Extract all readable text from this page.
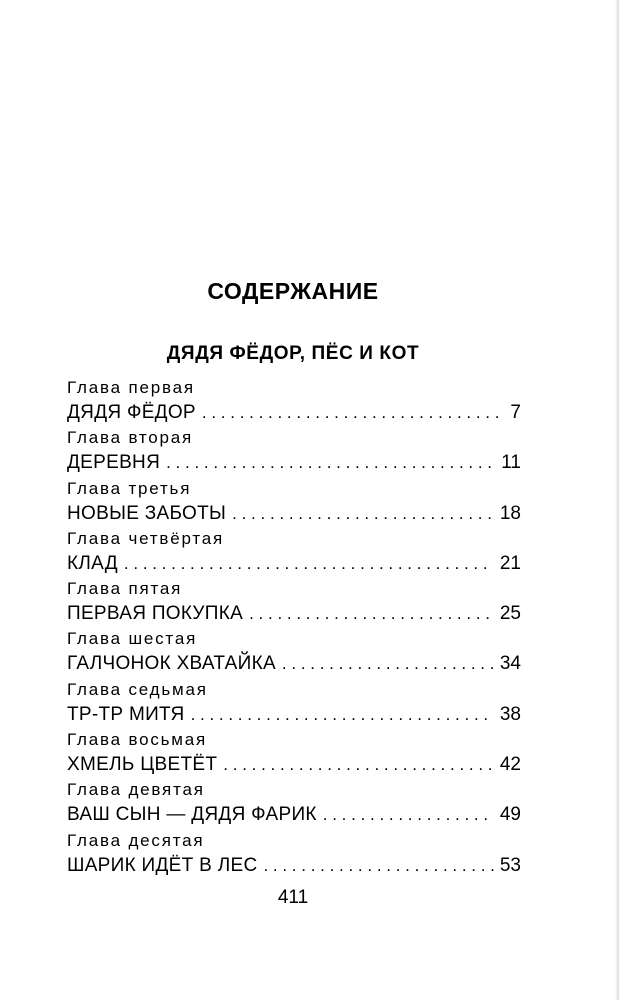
СОДЕРЖАНИЕ
ДЯДЯ ФЁДОР, ПЁС И КОТ
Глава первая
ДЯДЯ ФЁДОР . . .	7
Глава вторая
ДЕРЕВНЯ . . .	11
Глава третья
НОВЫЕ ЗАБОТЫ . . .	18
Глава четвёртая
КЛАД . . .	21
Глава пятая
ПЕРВАЯ ПОКУПКА . . .	25
Глава шестая
ГАЛЧОНОК ХВАТАЙКА . . .	34
Глава седьмая
ТР-ТР МИТЯ . . .	38
Глава восьмая
ХМЕЛЬ ЦВЕТЁТ . . .	42
Глава девятая
ВАШ СЫН — ДЯДЯ ФАРИК . . .	49
Глава десятая
ШАРИК ИДЁТ В ЛЕС . . .	53
411
